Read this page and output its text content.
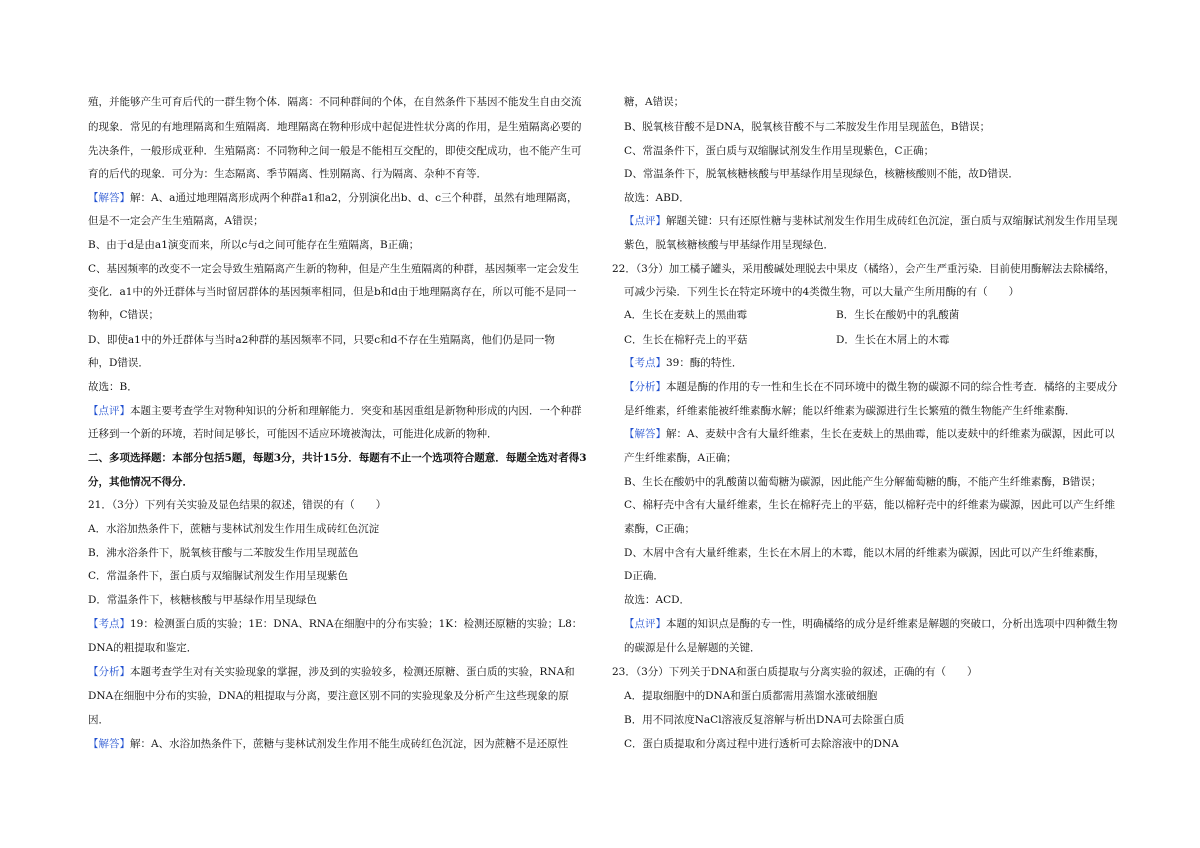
殖，并能够产生可育后代的一群生物个体．隔离：不同种群间的个体，在自然条件下基因不能发生自由交流
的现象．常见的有地理隔离和生殖隔离．地理隔离在物种形成中起促进性状分离的作用，是生殖隔离必要的
先决条件，一般形成亚种．生殖隔离：不同物种之间一般是不能相互交配的，即使交配成功，也不能产生可
育的后代的现象．可分为：生态隔离、季节隔离、性别隔离、行为隔离、杂种不育等．
【解答】解：A、a通过地理隔离形成两个种群a1和a2，分别演化出b、d、c三个种群，虽然有地理隔离，
但是不一定会产生生殖隔离，A错误；
B、由于d是由a1演变而来，所以c与d之间可能存在生殖隔离，B正确；
C、基因频率的改变不一定会导致生殖隔离产生新的物种，但是产生生殖隔离的种群，基因频率一定会发生
变化．a1中的外迁群体与当时留居群体的基因频率相同，但是b和d由于地理隔离存在，所以可能不是同一
物种，C错误；
D、即使a1中的外迁群体与当时a2种群的基因频率不同，只要c和d不存在生殖隔离，他们仍是同一物
种，D错误．
故选：B．
【点评】本题主要考查学生对物种知识的分析和理解能力．突变和基因重组是新物种形成的内因．一个种群
迁移到一个新的环境，若时间足够长，可能因不适应环境被淘汰，可能进化成新的物种．
二、多项选择题：本部分包括5题，每题3分，共计15分．每题有不止一个选项符合题意．每题全选对者得3
分，其他情况不得分．
21．（3分）下列有关实验及显色结果的叙述，错误的有（　　）
A．水浴加热条件下，蔗糖与斐林试剂发生作用生成砖红色沉淀
B．沸水浴条件下，脱氧核苷酸与二苯胺发生作用呈现蓝色
C．常温条件下，蛋白质与双缩脲试剂发生作用呈现紫色
D．常温条件下，核糖核酸与甲基绿作用呈现绿色
【考点】19：检测蛋白质的实验；1E：DNA、RNA在细胞中的分布实验；1K：检测还原糖的实验；L8：
DNA的粗提取和鉴定．
【分析】本题考查学生对有关实验现象的掌握，涉及到的实验较多，检测还原糖、蛋白质的实验，RNA和
DNA在细胞中分布的实验，DNA的粗提取与分离，要注意区别不同的实验现象及分析产生这些现象的原
因．
【解答】解：A、水浴加热条件下，蔗糖与斐林试剂发生作用不能生成砖红色沉淀，因为蔗糖不是还原性
糖，A错误；
B、脱氧核苷酸不是DNA，脱氧核苷酸不与二苯胺发生作用呈现蓝色，B错误；
C、常温条件下，蛋白质与双缩脲试剂发生作用呈现紫色，C正确；
D、常温条件下，脱氧核糖核酸与甲基绿作用呈现绿色，核糖核酸则不能，故D错误．
故选：ABD．
【点评】解题关键：只有还原性糖与斐林试剂发生作用生成砖红色沉淀，蛋白质与双缩脲试剂发生作用呈现
紫色，脱氧核糖核酸与甲基绿作用呈现绿色．
22．（3分）加工橘子罐头，采用酸碱处理脱去中果皮（橘络），会产生严重污染．目前使用酶解法去除橘络，
可减少污染．下列生长在特定环境中的4类微生物，可以大量产生所用酶的有（　　）
A．生长在麦麸上的黑曲霉	B．生长在酸奶中的乳酸菌
C．生长在棉籽壳上的平菇	D．生长在木屑上的木霉
【考点】39：酶的特性．
【分析】本题是酶的作用的专一性和生长在不同环境中的微生物的碳源不同的综合性考查．橘络的主要成分
是纤维素，纤维素能被纤维素酶水解；能以纤维素为碳源进行生长繁殖的微生物能产生纤维素酶．
【解答】解：A、麦麸中含有大量纤维素，生长在麦麸上的黑曲霉，能以麦麸中的纤维素为碳源，因此可以
产生纤维素酶，A正确；
B、生长在酸奶中的乳酸菌以葡萄糖为碳源，因此能产生分解葡萄糖的酶，不能产生纤维素酶，B错误；
C、棉籽壳中含有大量纤维素，生长在棉籽壳上的平菇，能以棉籽壳中的纤维素为碳源，因此可以产生纤维
素酶，C正确；
D、木屑中含有大量纤维素，生长在木屑上的木霉，能以木屑的纤维素为碳源，因此可以产生纤维素酶，
D正确．
故选：ACD．
【点评】本题的知识点是酶的专一性，明确橘络的成分是纤维素是解题的突破口，分析出选项中四种微生物
的碳源是什么是解题的关键．
23．（3分）下列关于DNA和蛋白质提取与分离实验的叙述，正确的有（　　）
A．提取细胞中的DNA和蛋白质都需用蒸馏水涨破细胞
B．用不同浓度NaCl溶液反复溶解与析出DNA可去除蛋白质
C．蛋白质提取和分离过程中进行透析可去除溶液中的DNA
